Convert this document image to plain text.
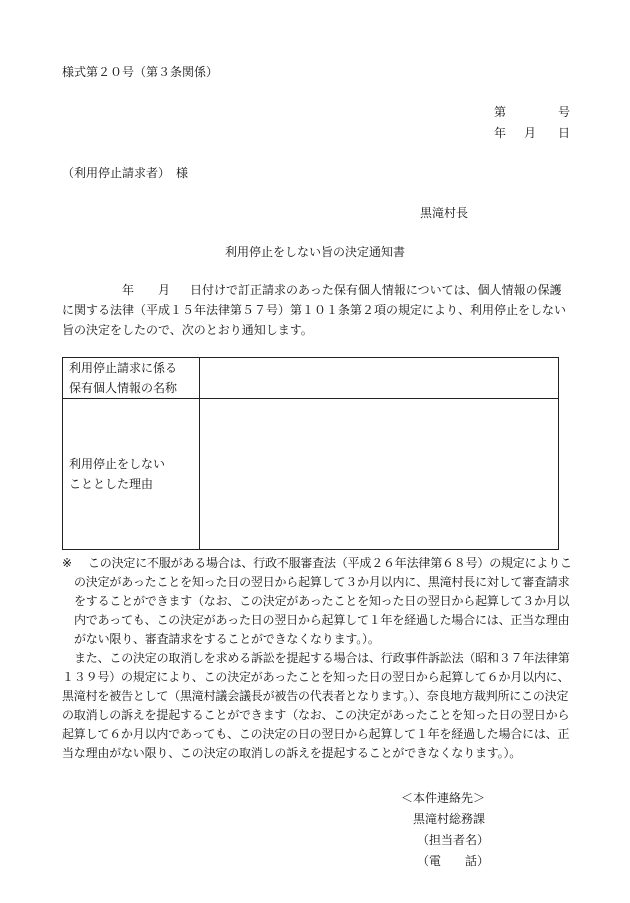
様式第２０号（第３条関係）
第	号
年 月 日
（利用停止請求者）　様
黒滝村長
利用停止をしない旨の決定通知書
年 月 日付けで訂正請求のあった保有個人情報については、個人情報の保護に関する法律（平成１５年法律第５７号）第１０１条第２項の規定により、利用停止をしない旨の決定をしたので、次のとおり通知します。
利用停止請求に係る
保有個人情報の名称	

利用停止をしない
こととした理由	

※	この決定に不服がある場合は、行政不服審査法（平成２６年法律第６８号）の規定によりこの決定があったことを知った日の翌日から起算して３か月以内に、黒滝村長に対して審査請求をすることができます（なお、この決定があったことを知った日の翌日から起算して３か月以内であっても、この決定があった日の翌日から起算して１年を経過した場合には、正当な理由がない限り、審査請求をすることができなくなります。）。

また、この決定の取消しを求める訴訟を提起する場合は、行政事件訴訟法（昭和３７年法律第１３９号）の規定により、この決定があったことを知った日の翌日から起算して６か月以内に、黒滝村を被告として（黒滝村議会議長が被告の代表者となります。）、奈良地方裁判所にこの決定の取消しの訴えを提起することができます（なお、この決定があったことを知った日の翌日から起算して６か月以内であっても、この決定の日の翌日から起算して１年を経過した場合には、正当な理由がない限り、この決定の取消しの訴えを提起することができなくなります。）。

＜本件連絡先＞
黒滝村総務課
（担当者名）
（電　　話）
